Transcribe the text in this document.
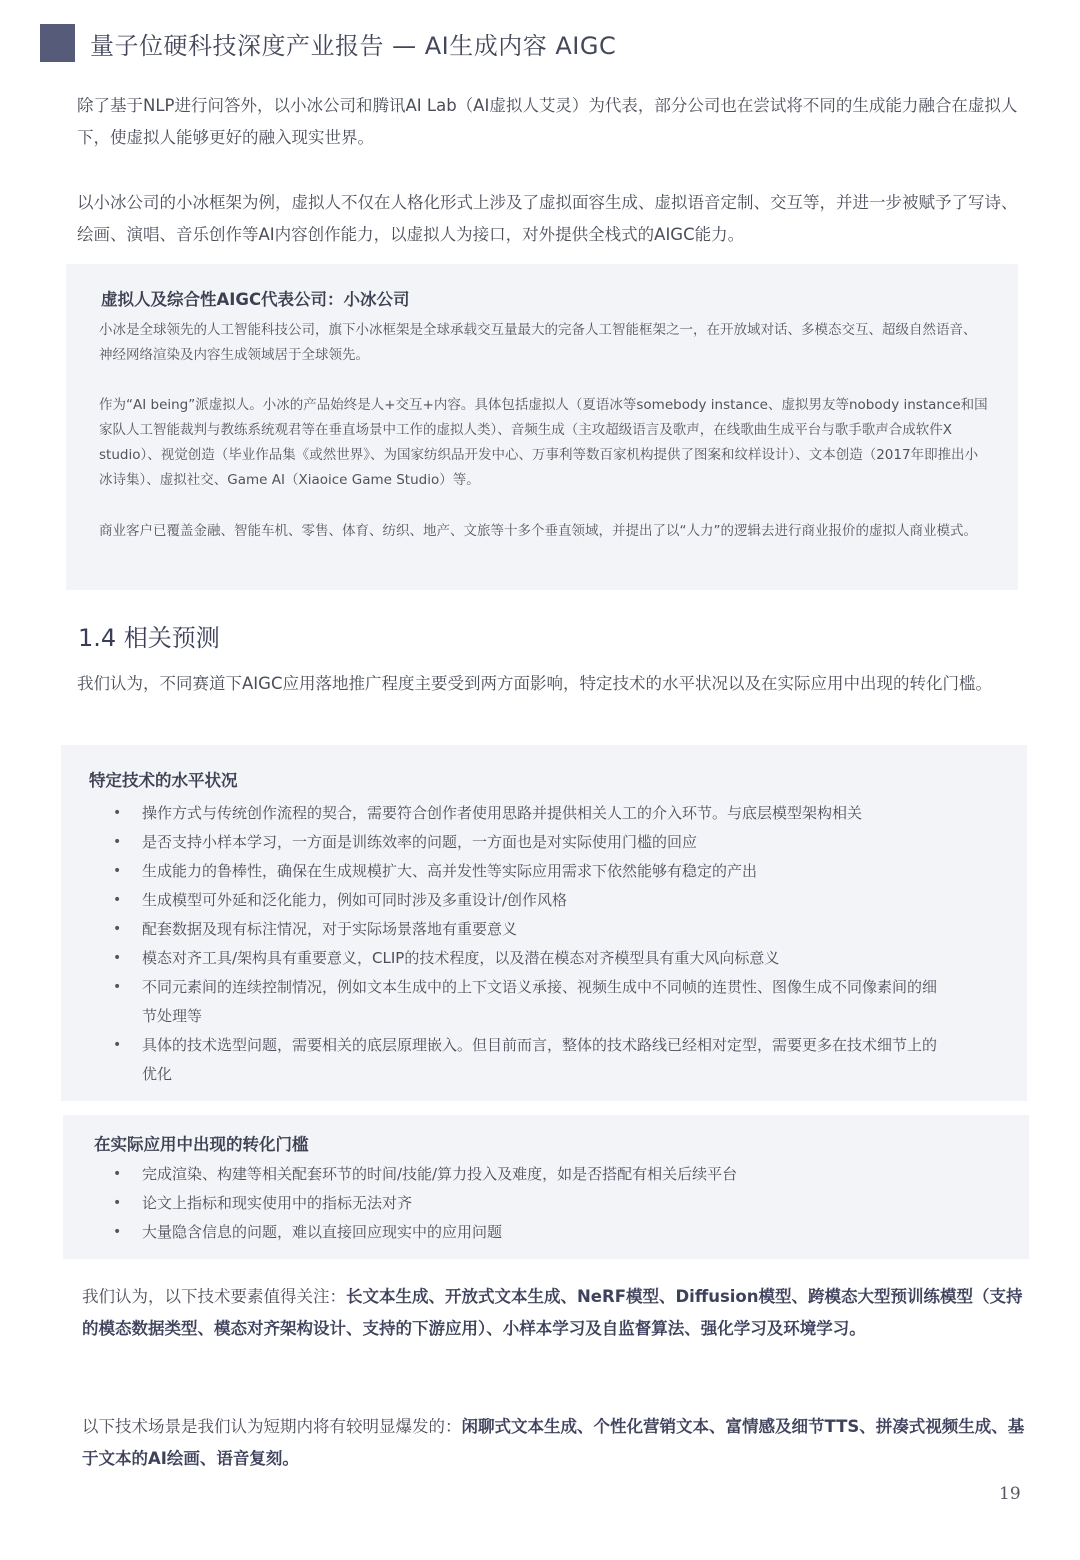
量子位硬科技深度产业报告 — AI生成内容 AIGC
除了基于NLP进行问答外，以小冰公司和腾讯AI Lab（AI虚拟人艾灵）为代表，部分公司也在尝试将不同的生成能力融合在虚拟人下，使虚拟人能够更好的融入现实世界。
以小冰公司的小冰框架为例，虚拟人不仅在人格化形式上涉及了虚拟面容生成、虚拟语音定制、交互等，并进一步被赋予了写诗、绘画、演唱、音乐创作等AI内容创作能力，以虚拟人为接口，对外提供全栈式的AIGC能力。
虚拟人及综合性AIGC代表公司：小冰公司
小冰是全球领先的人工智能科技公司，旗下小冰框架是全球承载交互量最大的完备人工智能框架之一，在开放域对话、多模态交互、超级自然语音、神经网络渲染及内容生成领域居于全球领先。
作为“AI being”派虚拟人。小冰的产品始终是人+交互+内容。具体包括虚拟人（夏语冰等somebody instance、虚拟男友等nobody instance和国家队人工智能裁判与教练系统观君等在垂直场景中工作的虚拟人类）、音频生成（主攻超级语言及歌声，在线歌曲生成平台与歌手歌声合成软件X studio）、视觉创造（毕业作品集《或然世界》、为国家纺织品开发中心、万事利等数百家机构提供了图案和纹样设计）、文本创造（2017年即推出小冰诗集）、虚拟社交、Game AI（Xiaoice Game Studio）等。
商业客户已覆盖金融、智能车机、零售、体育、纺织、地产、文旅等十多个垂直领域，并提出了以“人力”的逻辑去进行商业报价的虚拟人商业模式。
1.4 相关预测
我们认为，不同赛道下AIGC应用落地推广程度主要受到两方面影响，特定技术的水平状况以及在实际应用中出现的转化门槛。
特定技术的水平状况
•	操作方式与传统创作流程的契合，需要符合创作者使用思路并提供相关人工的介入环节。与底层模型架构相关
•	是否支持小样本学习，一方面是训练效率的问题，一方面也是对实际使用门槛的回应
•	生成能力的鲁棒性，确保在生成规模扩大、高并发性等实际应用需求下依然能够有稳定的产出
•	生成模型可外延和泛化能力，例如可同时涉及多重设计/创作风格
•	配套数据及现有标注情况，对于实际场景落地有重要意义
•	模态对齐工具/架构具有重要意义，CLIP的技术程度，以及潜在模态对齐模型具有重大风向标意义
•	不同元素间的连续控制情况，例如文本生成中的上下文语义承接、视频生成中不同帧的连贯性、图像生成不同像素间的细节处理等
•	具体的技术选型问题，需要相关的底层原理嵌入。但目前而言，整体的技术路线已经相对定型，需要更多在技术细节上的优化
在实际应用中出现的转化门槛
•	完成渲染、构建等相关配套环节的时间/技能/算力投入及难度，如是否搭配有相关后续平台
•	论文上指标和现实使用中的指标无法对齐
•	大量隐含信息的问题，难以直接回应现实中的应用问题
我们认为，以下技术要素值得关注：长文本生成、开放式文本生成、NeRF模型、Diffusion模型、跨模态大型预训练模型（支持的模态数据类型、模态对齐架构设计、支持的下游应用）、小样本学习及自监督算法、强化学习及环境学习。
以下技术场景是我们认为短期内将有较明显爆发的：闲聊式文本生成、个性化营销文本、富情感及细节TTS、拼凑式视频生成、基于文本的AI绘画、语音复刻。
19
